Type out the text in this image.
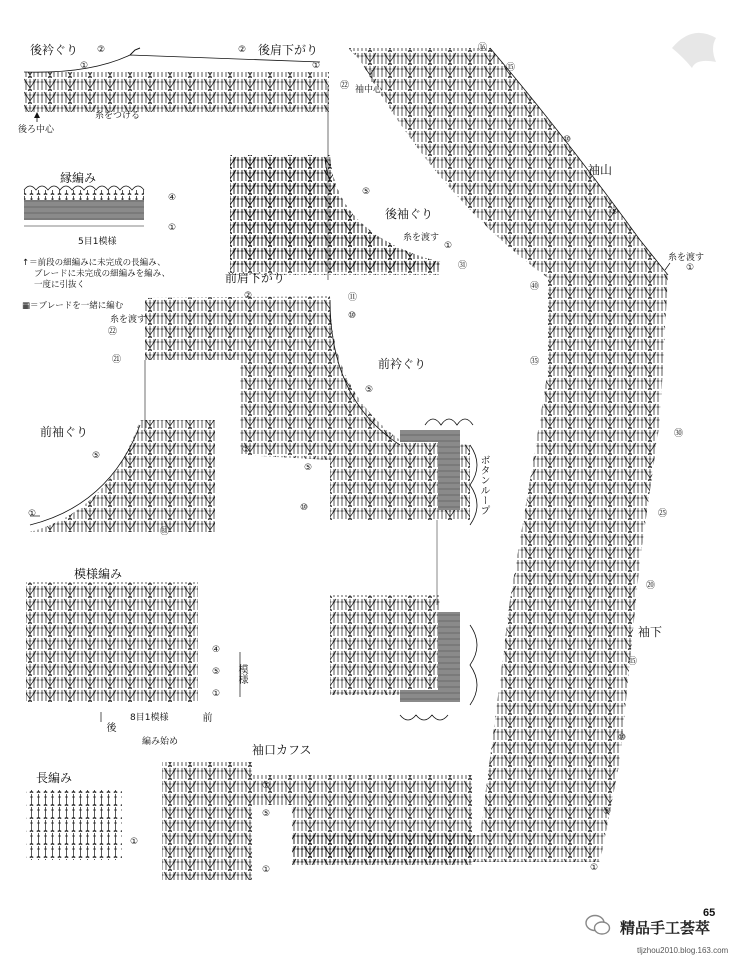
後衿ぐり ②
①
② 後肩下がり
①
㉒
後ろ中心
糸をつける
袖中心
⑯
⑮
⑩
袖山
⑤
糸を渡す
①
㊵
㉟
㉚
㉕
⑳
袖下
⑮
⑩
⑤
①
⑤
後袖ぐり
糸を渡す
①
㉛
縁編み
④
①
5目1模様
↑＝前段の細編みに未完成の長編み、
ブレードに未完成の細編みを編み、
一度に引抜く
▦＝ブレードを一緒に編む
前肩下がり
②	⑪
⑩
糸を渡す
㉒
㉑	前衿ぐり
⑤
①
⑤
⑩	ボタンループ
前袖ぐり
⑤
①
㉛
模様編み
④
⑤
①
模様
8目1模様
後
前
編み始め
袖口カフス
⑦
⑤
①
長編み
①
65
精品手工荟萃
tljzhou2010.blog.163.com
